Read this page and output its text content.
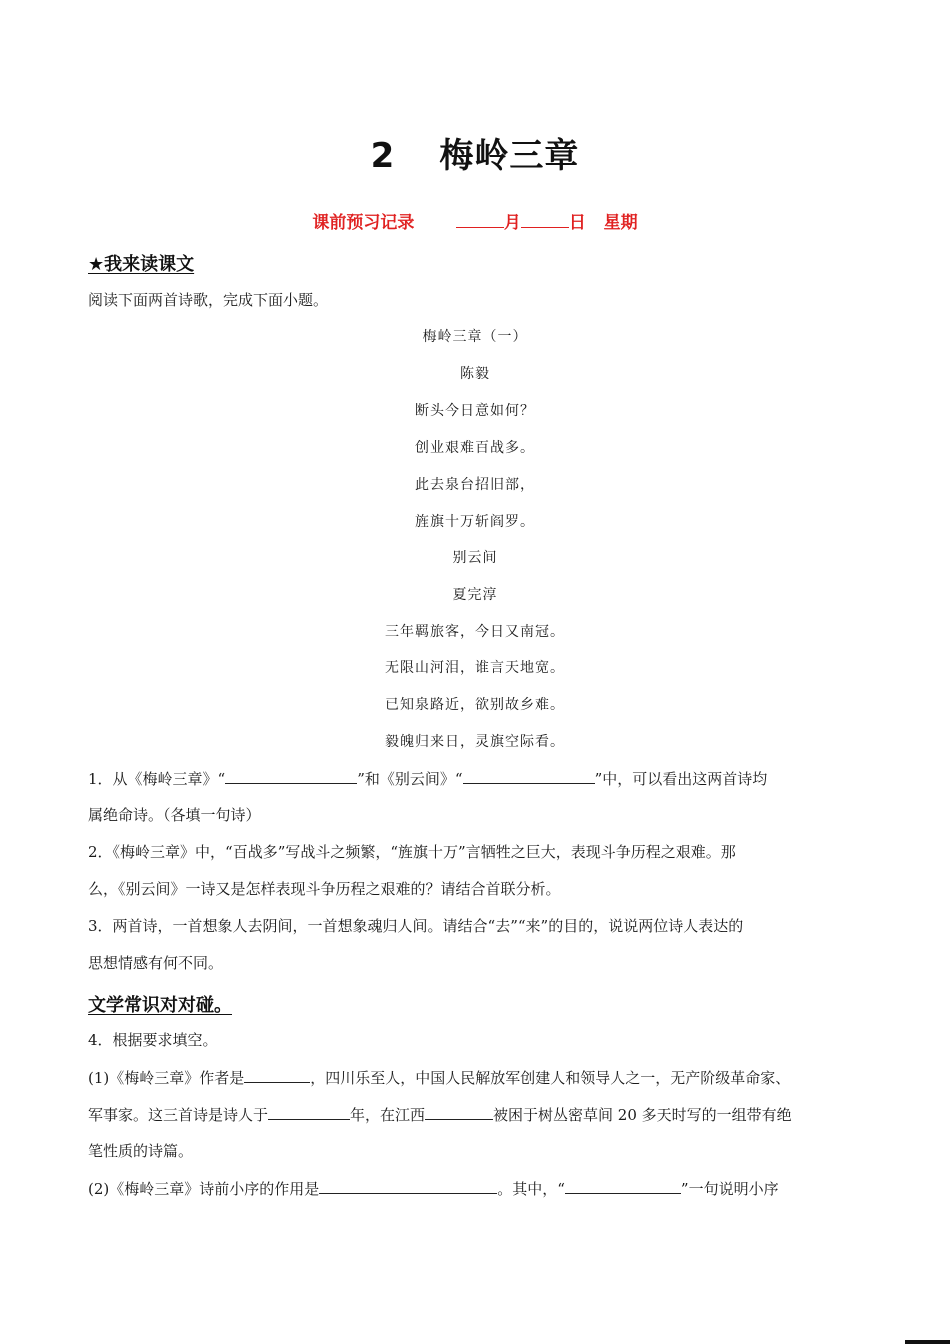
2 梅岭三章
课前预习记录	月	日 星期
★我来读课文
阅读下面两首诗歌，完成下面小题。
梅岭三章（一）
陈毅
断头今日意如何？
创业艰难百战多。
此去泉台招旧部，
旌旗十万斩阎罗。
别云间
夏完淳
三年羁旅客，今日又南冠。
无限山河泪，谁言天地宽。
已知泉路近，欲别故乡难。
毅魄归来日，灵旗空际看。
1．从《梅岭三章》“	”和《别云间》“	”中，可以看出这两首诗均
属绝命诗。（各填一句诗）
2．《梅岭三章》中，“百战多”写战斗之频繁，“旌旗十万”言牺牲之巨大，表现斗争历程之艰难。那
么，《别云间》一诗又是怎样表现斗争历程之艰难的？请结合首联分析。
3．两首诗，一首想象人去阴间，一首想象魂归人间。请结合“去”“来”的目的，说说两位诗人表达的
思想情感有何不同。
文学常识对对碰。
4．根据要求填空。
(1)《梅岭三章》作者是	，四川乐至人，中国人民解放军创建人和领导人之一，无产阶级革命家、
军事家。这三首诗是诗人于	年，在江西	被困于树丛密草间 20 多天时写的一组带有绝
笔性质的诗篇。
(2)《梅岭三章》诗前小序的作用是	。其中，“	”一句说明小序
